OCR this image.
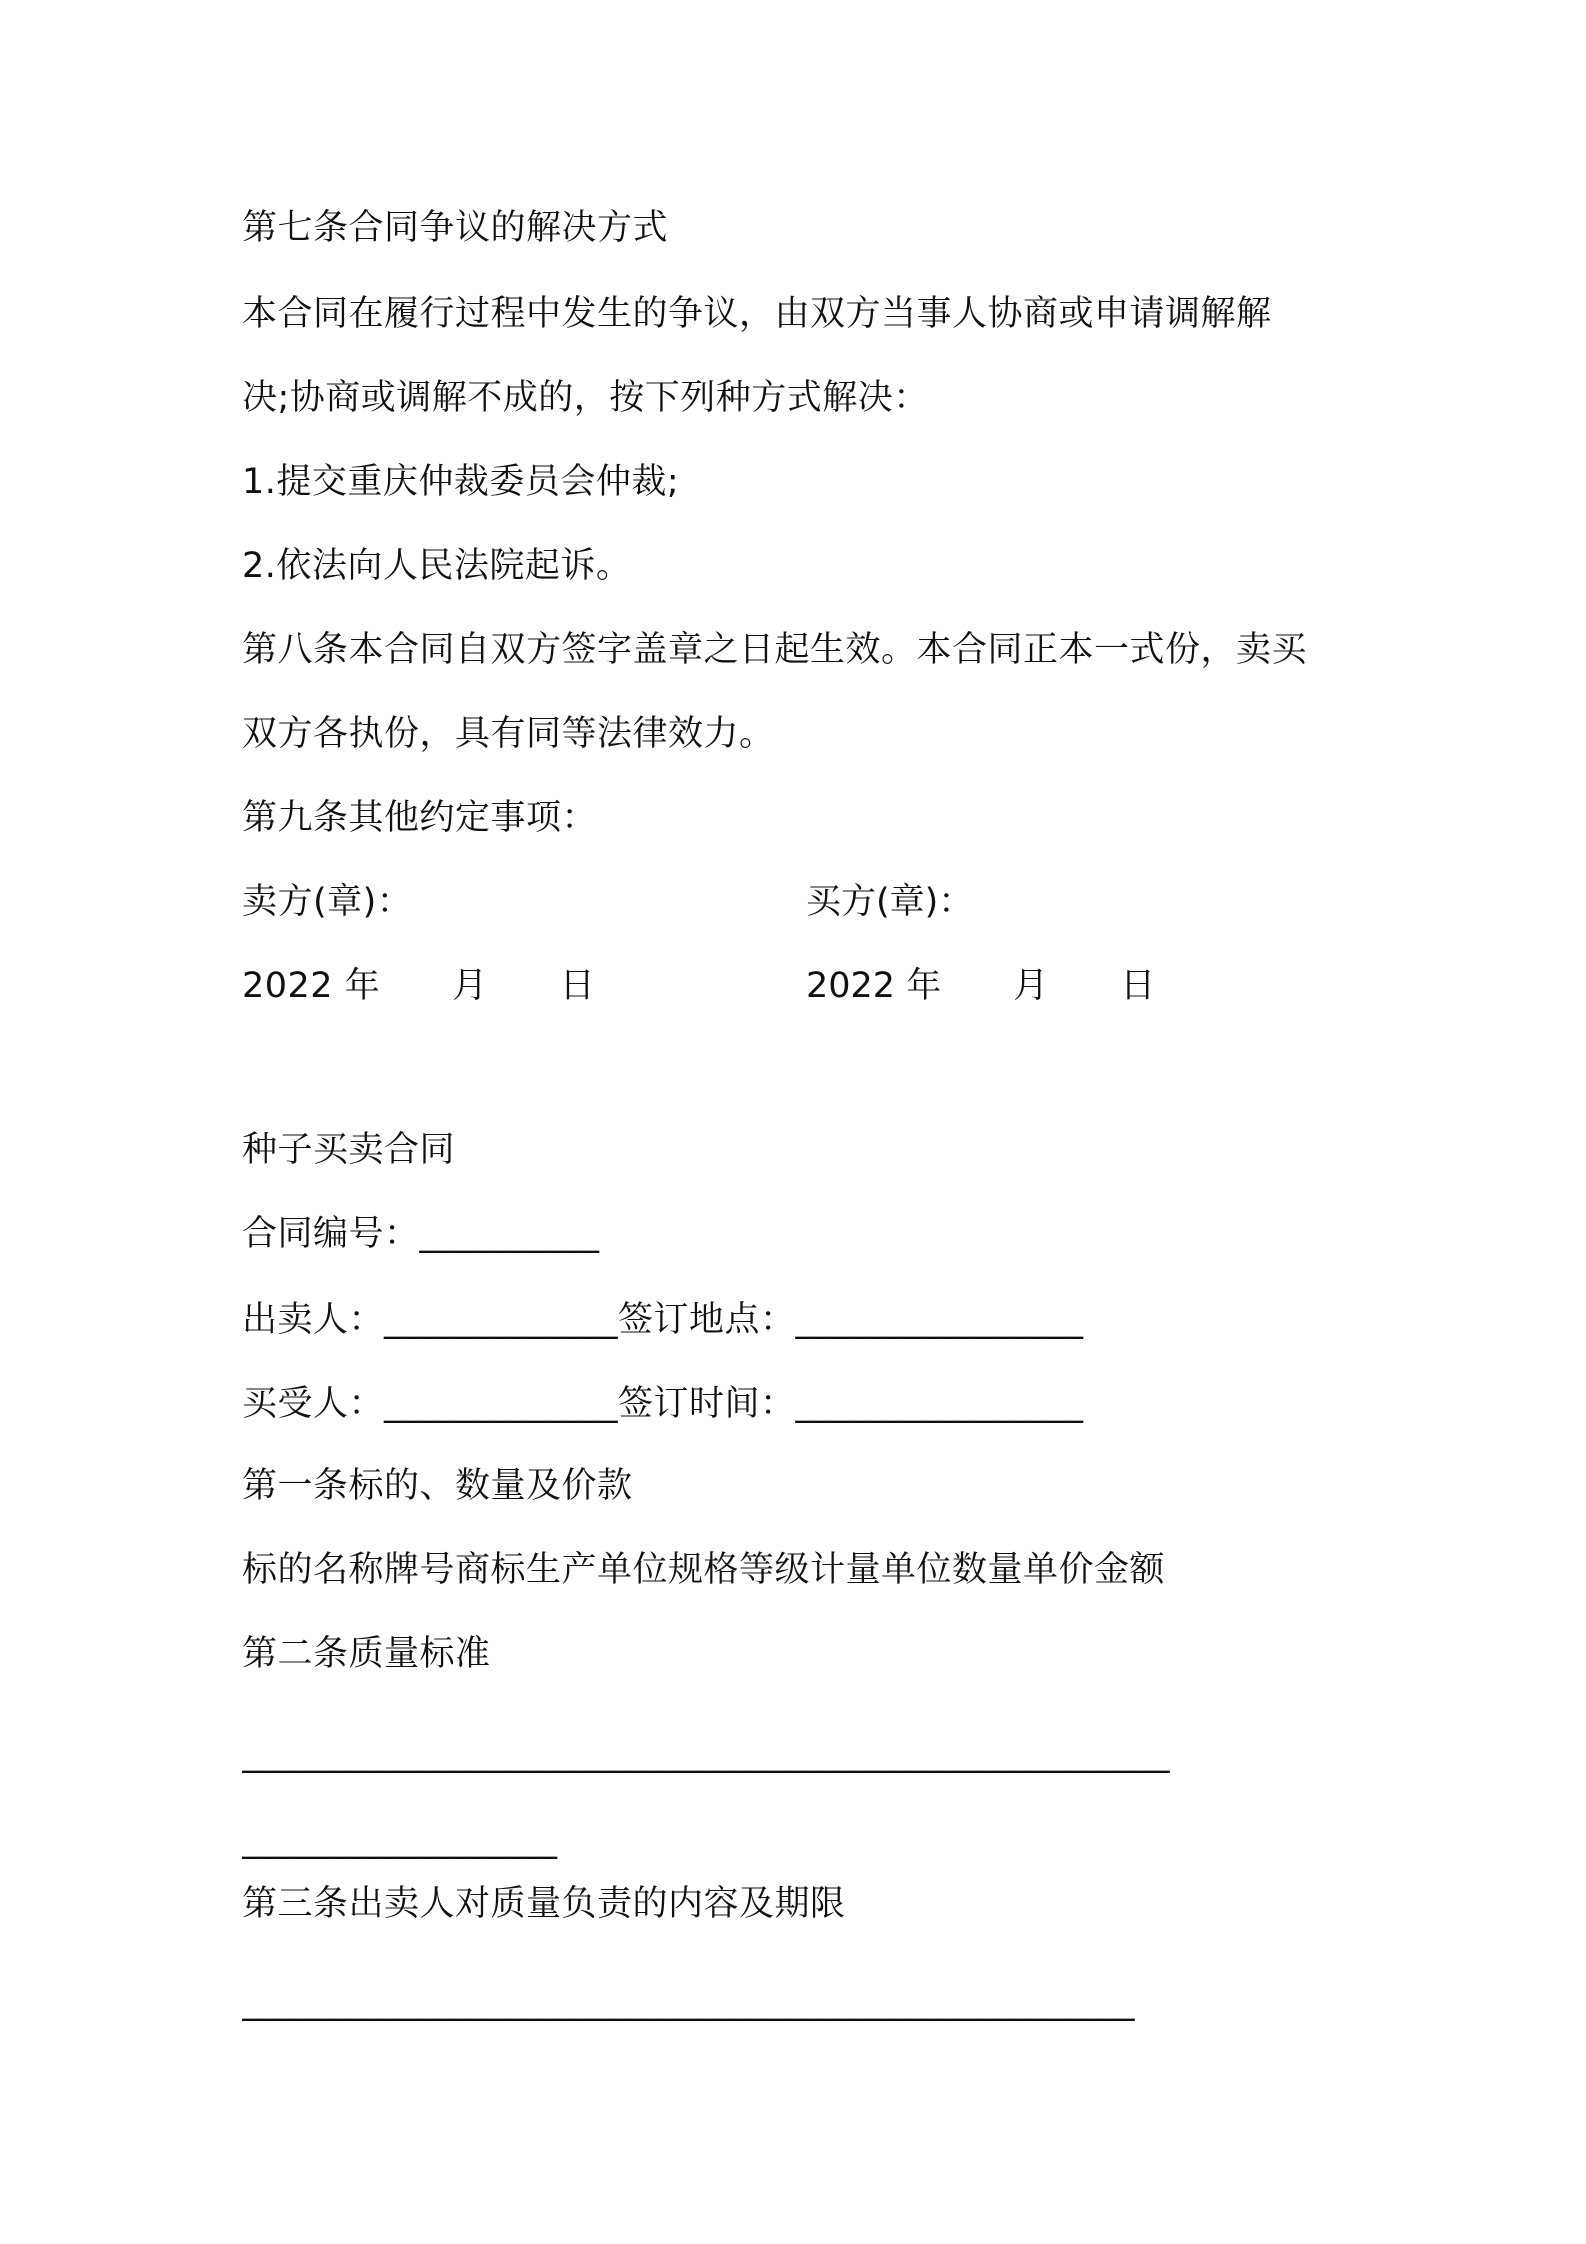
第七条合同争议的解决方式
本合同在履行过程中发生的争议，由双方当事人协商或申请调解解
决;协商或调解不成的，按下列种方式解决：
1.提交重庆仲裁委员会仲裁;
2.依法向人民法院起诉。
第八条本合同自双方签字盖章之日起生效。本合同正本一式份，卖买
双方各执份，具有同等法律效力。
第九条其他约定事项：
卖方(章)：	买方(章)：
2022 年 月 日	2022 年 月 日
种子买卖合同
合同编号：__________
出卖人：_____________签订地点：________________
买受人：_____________签订时间：________________
第一条标的、数量及价款
标的名称牌号商标生产单位规格等级计量单位数量单价金额
第二条质量标准
_____________________________________________________
__________________
第三条出卖人对质量负责的内容及期限
___________________________________________________
